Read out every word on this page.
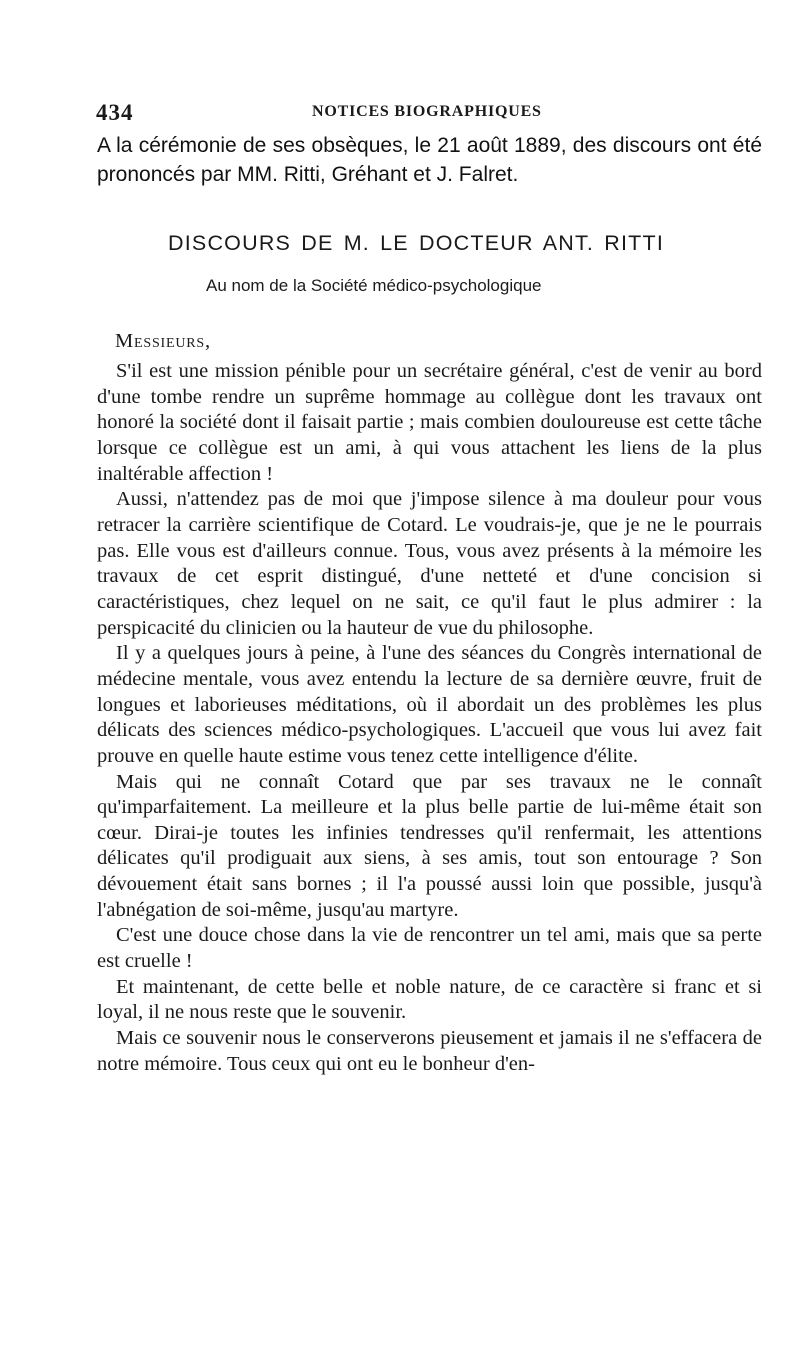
434	NOTICES BIOGRAPHIQUES

A la cérémonie de ses obsèques, le 21 août 1889, des discours ont été prononcés par MM. Ritti, Gréhant et J. Falret.

DISCOURS DE M. LE DOCTEUR ANT. RITTI
Au nom de la Société médico-psychologique
Messieurs,

S'il est une mission pénible pour un secrétaire général, c'est de venir au bord d'une tombe rendre un suprême hommage au collègue dont les travaux ont honoré la société dont il faisait partie ; mais combien douloureuse est cette tâche lorsque ce collègue est un ami, à qui vous attachent les liens de la plus inaltérable affection !

Aussi, n'attendez pas de moi que j'impose silence à ma douleur pour vous retracer la carrière scientifique de Cotard. Le voudrais-je, que je ne le pourrais pas. Elle vous est d'ailleurs connue. Tous, vous avez présents à la mémoire les travaux de cet esprit distingué, d'une netteté et d'une concision si caractéristiques, chez lequel on ne sait, ce qu'il faut le plus admirer : la perspicacité du clinicien ou la hauteur de vue du philosophe.

Il y a quelques jours à peine, à l'une des séances du Congrès international de médecine mentale, vous avez entendu la lecture de sa dernière œuvre, fruit de longues et laborieuses méditations, où il abordait un des problèmes les plus délicats des sciences médico-psychologiques. L'accueil que vous lui avez fait prouve en quelle haute estime vous tenez cette intelligence d'élite.

Mais qui ne connaît Cotard que par ses travaux ne le connaît qu'imparfaitement. La meilleure et la plus belle partie de lui-même était son cœur. Dirai-je toutes les infinies tendresses qu'il renfermait, les attentions délicates qu'il prodiguait aux siens, à ses amis, tout son entourage ? Son dévouement était sans bornes ; il l'a poussé aussi loin que possible, jusqu'à l'abnégation de soi-même, jusqu'au martyre.

C'est une douce chose dans la vie de rencontrer un tel ami, mais que sa perte est cruelle !

Et maintenant, de cette belle et noble nature, de ce caractère si franc et si loyal, il ne nous reste que le souvenir.

Mais ce souvenir nous le conserverons pieusement et jamais il ne s'effacera de notre mémoire. Tous ceux qui ont eu le bonheur d'en-
